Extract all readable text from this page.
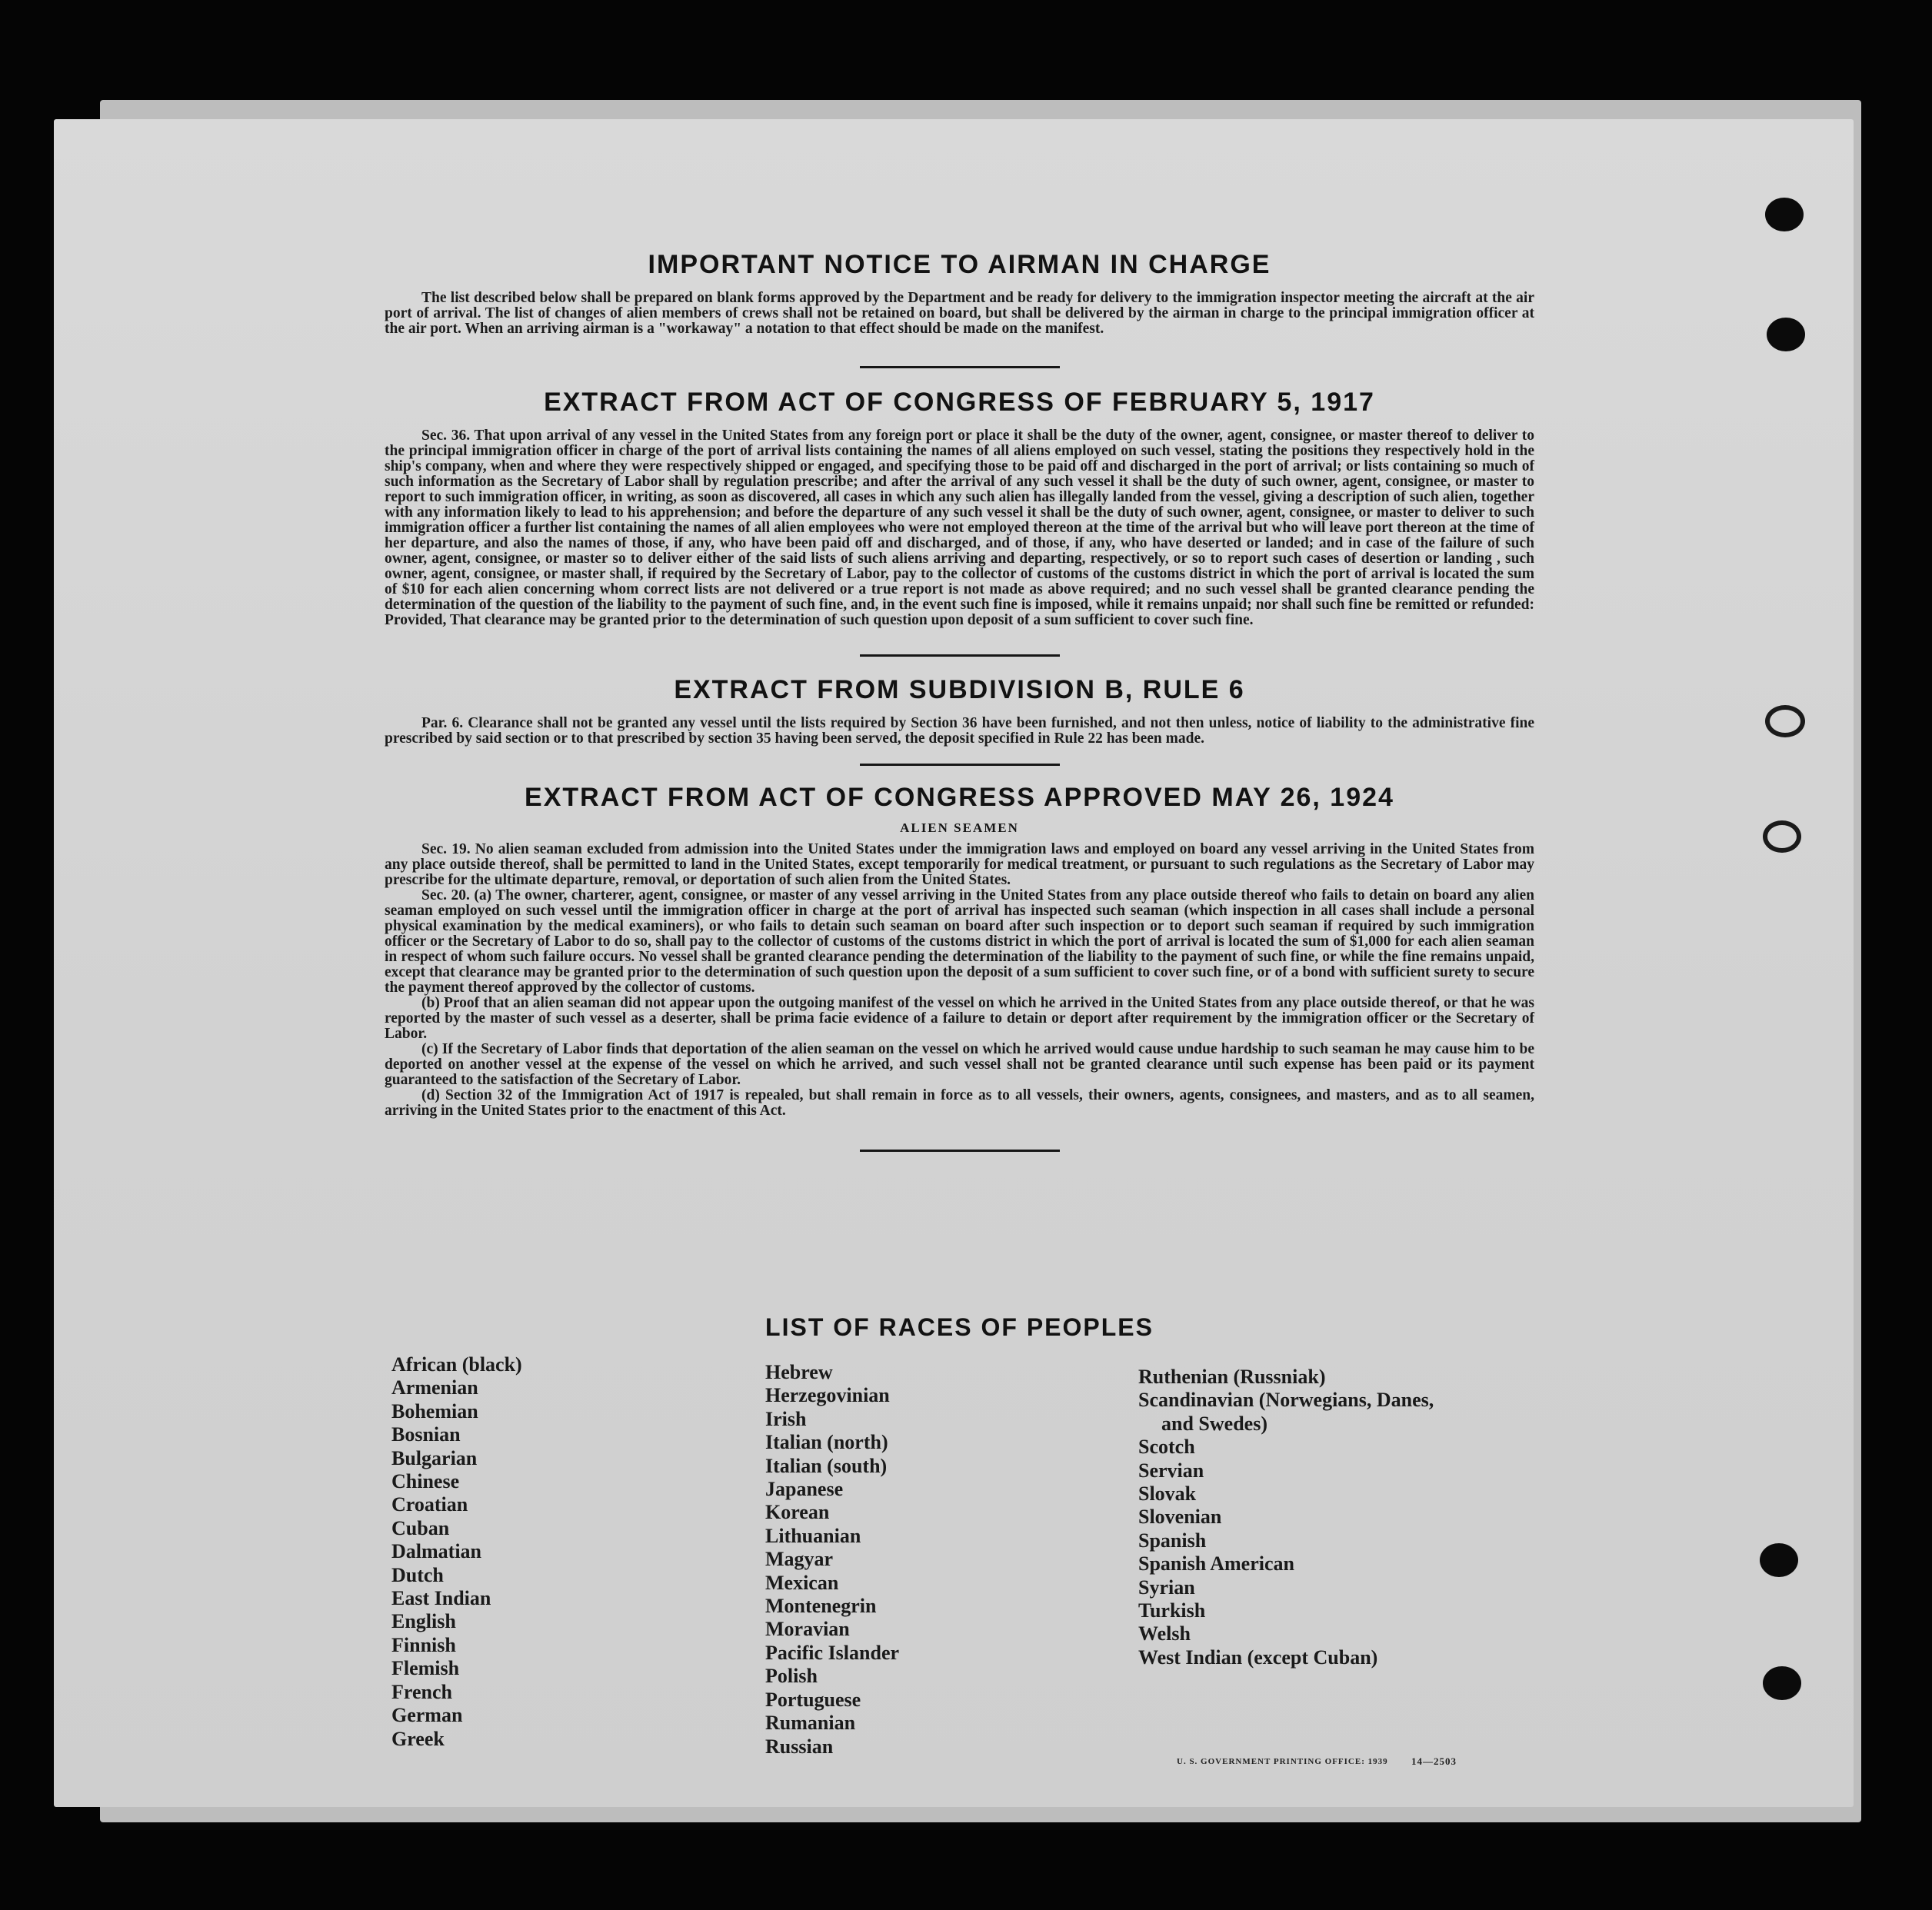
IMPORTANT NOTICE TO AIRMAN IN CHARGE

The list described below shall be prepared on blank forms approved by the Department and be ready for delivery to the immigration inspector meeting the aircraft at the air port of arrival. The list of changes of alien members of crews shall not be retained on board, but shall be delivered by the airman in charge to the principal immigration officer at the air port. When an arriving airman is a "workaway" a notation to that effect should be made on the manifest.

EXTRACT FROM ACT OF CONGRESS OF FEBRUARY 5, 1917

Sec. 36. That upon arrival of any vessel in the United States from any foreign port or place it shall be the duty of the owner, agent, consignee, or master thereof to deliver to the principal immigration officer in charge of the port of arrival lists containing the names of all aliens employed on such vessel, stating the positions they respectively hold in the ship's company, when and where they were respectively shipped or engaged, and specifying those to be paid off and discharged in the port of arrival; or lists containing so much of such information as the Secretary of Labor shall by regulation prescribe; and after the arrival of any such vessel it shall be the duty of such owner, agent, consignee, or master to report to such immigration officer, in writing, as soon as discovered, all cases in which any such alien has illegally landed from the vessel, giving a description of such alien, together with any information likely to lead to his apprehension; and before the departure of any such vessel it shall be the duty of such owner, agent, consignee, or master to deliver to such immigration officer a further list containing the names of all alien employees who were not employed thereon at the time of the arrival but who will leave port thereon at the time of her departure, and also the names of those, if any, who have been paid off and discharged, and of those, if any, who have deserted or landed; and in case of the failure of such owner, agent, consignee, or master so to deliver either of the said lists of such aliens arriving and departing, respectively, or so to report such cases of desertion or landing , such owner, agent, consignee, or master shall, if required by the Secretary of Labor, pay to the collector of customs of the customs district in which the port of arrival is located the sum of $10 for each alien concerning whom correct lists are not delivered or a true report is not made as above required; and no such vessel shall be granted clearance pending the determination of the question of the liability to the payment of such fine, and, in the event such fine is imposed, while it remains unpaid; nor shall such fine be remitted or refunded: Provided, That clearance may be granted prior to the determination of such question upon deposit of a sum sufficient to cover such fine.

EXTRACT FROM SUBDIVISION B, RULE 6

Par. 6. Clearance shall not be granted any vessel until the lists required by Section 36 have been furnished, and not then unless, notice of liability to the administrative fine prescribed by said section or to that prescribed by section 35 having been served, the deposit specified in Rule 22 has been made.

EXTRACT FROM ACT OF CONGRESS APPROVED MAY 26, 1924
ALIEN SEAMEN

Sec. 19. No alien seaman excluded from admission into the United States under the immigration laws and employed on board any vessel arriving in the United States from any place outside thereof, shall be permitted to land in the United States, except temporarily for medical treatment, or pursuant to such regulations as the Secretary of Labor may prescribe for the ultimate departure, removal, or deportation of such alien from the United States.

Sec. 20. (a) The owner, charterer, agent, consignee, or master of any vessel arriving in the United States from any place outside thereof who fails to detain on board any alien seaman employed on such vessel until the immigration officer in charge at the port of arrival has inspected such seaman (which inspection in all cases shall include a personal physical examination by the medical examiners), or who fails to detain such seaman on board after such inspection or to deport such seaman if required by such immigration officer or the Secretary of Labor to do so, shall pay to the collector of customs of the customs district in which the port of arrival is located the sum of $1,000 for each alien seaman in respect of whom such failure occurs. No vessel shall be granted clearance pending the determination of the liability to the payment of such fine, or while the fine remains unpaid, except that clearance may be granted prior to the determination of such question upon the deposit of a sum sufficient to cover such fine, or of a bond with sufficient surety to secure the payment thereof approved by the collector of customs.

(b) Proof that an alien seaman did not appear upon the outgoing manifest of the vessel on which he arrived in the United States from any place outside thereof, or that he was reported by the master of such vessel as a deserter, shall be prima facie evidence of a failure to detain or deport after requirement by the immigration officer or the Secretary of Labor.

(c) If the Secretary of Labor finds that deportation of the alien seaman on the vessel on which he arrived would cause undue hardship to such seaman he may cause him to be deported on another vessel at the expense of the vessel on which he arrived, and such vessel shall not be granted clearance until such expense has been paid or its payment guaranteed to the satisfaction of the Secretary of Labor.

(d) Section 32 of the Immigration Act of 1917 is repealed, but shall remain in force as to all vessels, their owners, agents, consignees, and masters, and as to all seamen, arriving in the United States prior to the enactment of this Act.

LIST OF RACES OF PEOPLES
African (black)
Armenian
Bohemian
Bosnian
Bulgarian
Chinese
Croatian
Cuban
Dalmatian
Dutch
East Indian
English
Finnish
Flemish
French
German
Greek
Hebrew
Herzegovinian
Irish
Italian (north)
Italian (south)
Japanese
Korean
Lithuanian
Magyar
Mexican
Montenegrin
Moravian
Pacific Islander
Polish
Portuguese
Rumanian
Russian
Ruthenian (Russniak)
Scandinavian (Norwegians, Danes,
and Swedes)
Scotch
Servian
Slovak
Slovenian
Spanish
Spanish American
Syrian
Turkish
Welsh
West Indian (except Cuban)
U. S. GOVERNMENT PRINTING OFFICE: 1939 14—2503
